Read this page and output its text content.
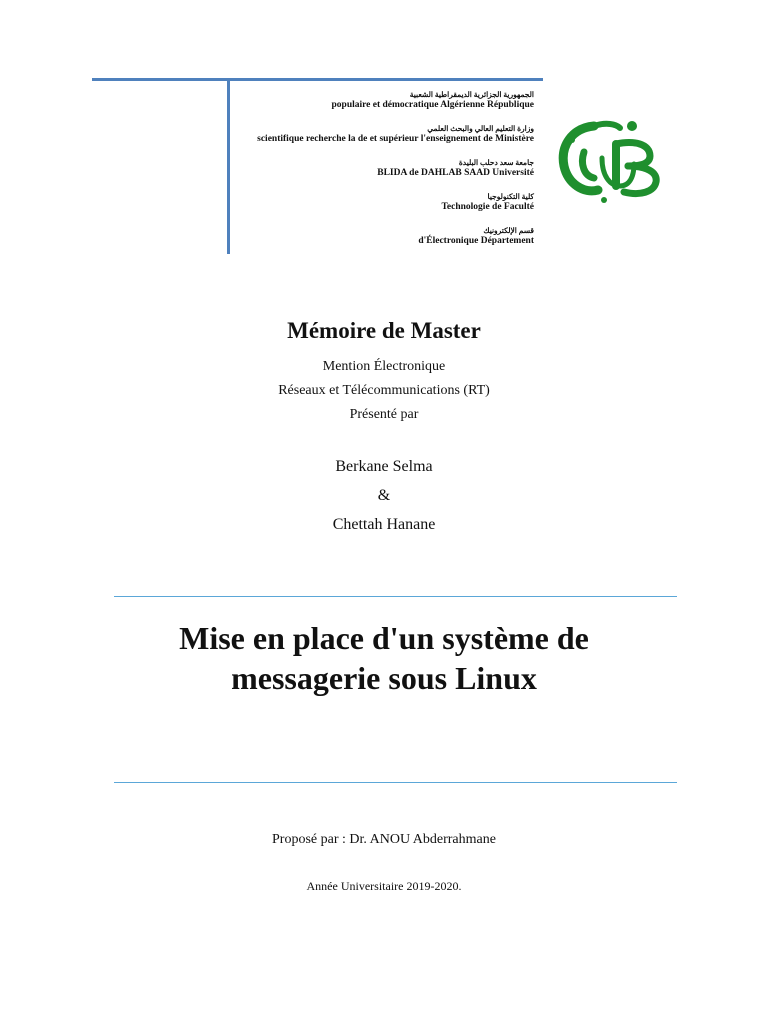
الجمهورية الجزائرية الديمقراطية الشعبية
populaire et démocratique Algérienne République
وزارة التعليم العالي والبحث العلمي
scientifique recherche la de et supérieur l'enseignement de Ministère
جامعة سعد دحلب البليدة
BLIDA de DAHLAB SAAD Université
كلية التكنولوجيا
Technologie de Faculté
قسم الإلكترونيك
d'Électronique Département
Mémoire de Master
Mention Électronique
Réseaux et Télécommunications (RT)
Présenté par
Berkane Selma
&
Chettah Hanane
Mise en place d'un système de
messagerie sous Linux
Proposé par : Dr. ANOU Abderrahmane
Année Universitaire 2019-2020.
